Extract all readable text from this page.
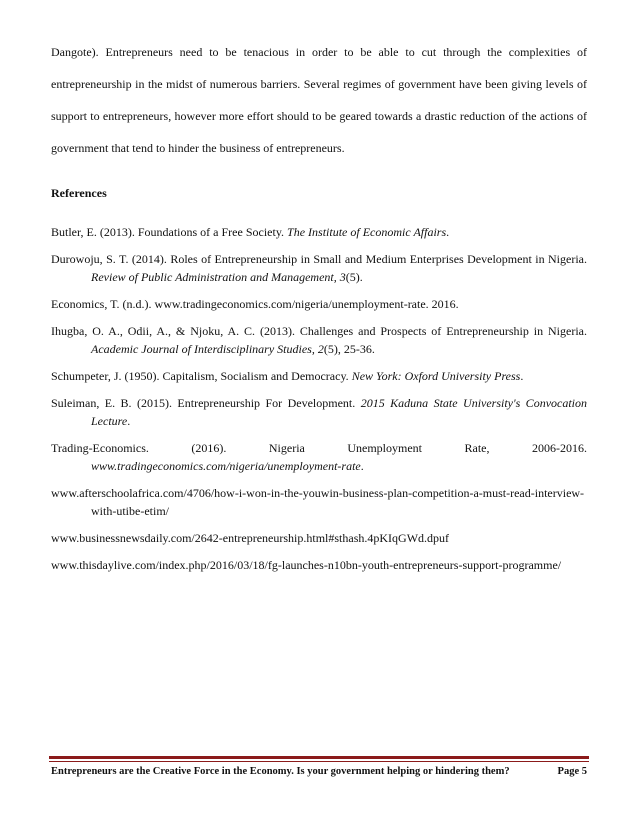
Dangote). Entrepreneurs need to be tenacious in order to be able to cut through the complexities of entrepreneurship in the midst of numerous barriers. Several regimes of government have been giving levels of support to entrepreneurs, however more effort should to be geared towards a drastic reduction of the actions of government that tend to hinder the business of entrepreneurs.

References
Butler, E. (2013). Foundations of a Free Society. The Institute of Economic Affairs.
Durowoju, S. T. (2014). Roles of Entrepreneurship in Small and Medium Enterprises Development in Nigeria. Review of Public Administration and Management, 3(5).
Economics, T. (n.d.). www.tradingeconomics.com/nigeria/unemployment-rate. 2016.
Ihugba, O. A., Odii, A., & Njoku, A. C. (2013). Challenges and Prospects of Entrepreneurship in Nigeria. Academic Journal of Interdisciplinary Studies, 2(5), 25-36.
Schumpeter, J. (1950). Capitalism, Socialism and Democracy. New York: Oxford University Press.
Suleiman, E. B. (2015). Entrepreneurship For Development. 2015 Kaduna State University's Convocation Lecture.
Trading-Economics. (2016). Nigeria Unemployment Rate, 2006-2016. www.tradingeconomics.com/nigeria/unemployment-rate.
www.afterschoolafrica.com/4706/how-i-won-in-the-youwin-business-plan-competition-a-must-read-interview-with-utibe-etim/
www.businessnewsdaily.com/2642-entrepreneurship.html#sthash.4pKIqGWd.dpuf
www.thisdaylive.com/index.php/2016/03/18/fg-launches-n10bn-youth-entrepreneurs-support-programme/
Entrepreneurs are the Creative Force in the Economy. Is your government helping or hindering them?	Page 5
